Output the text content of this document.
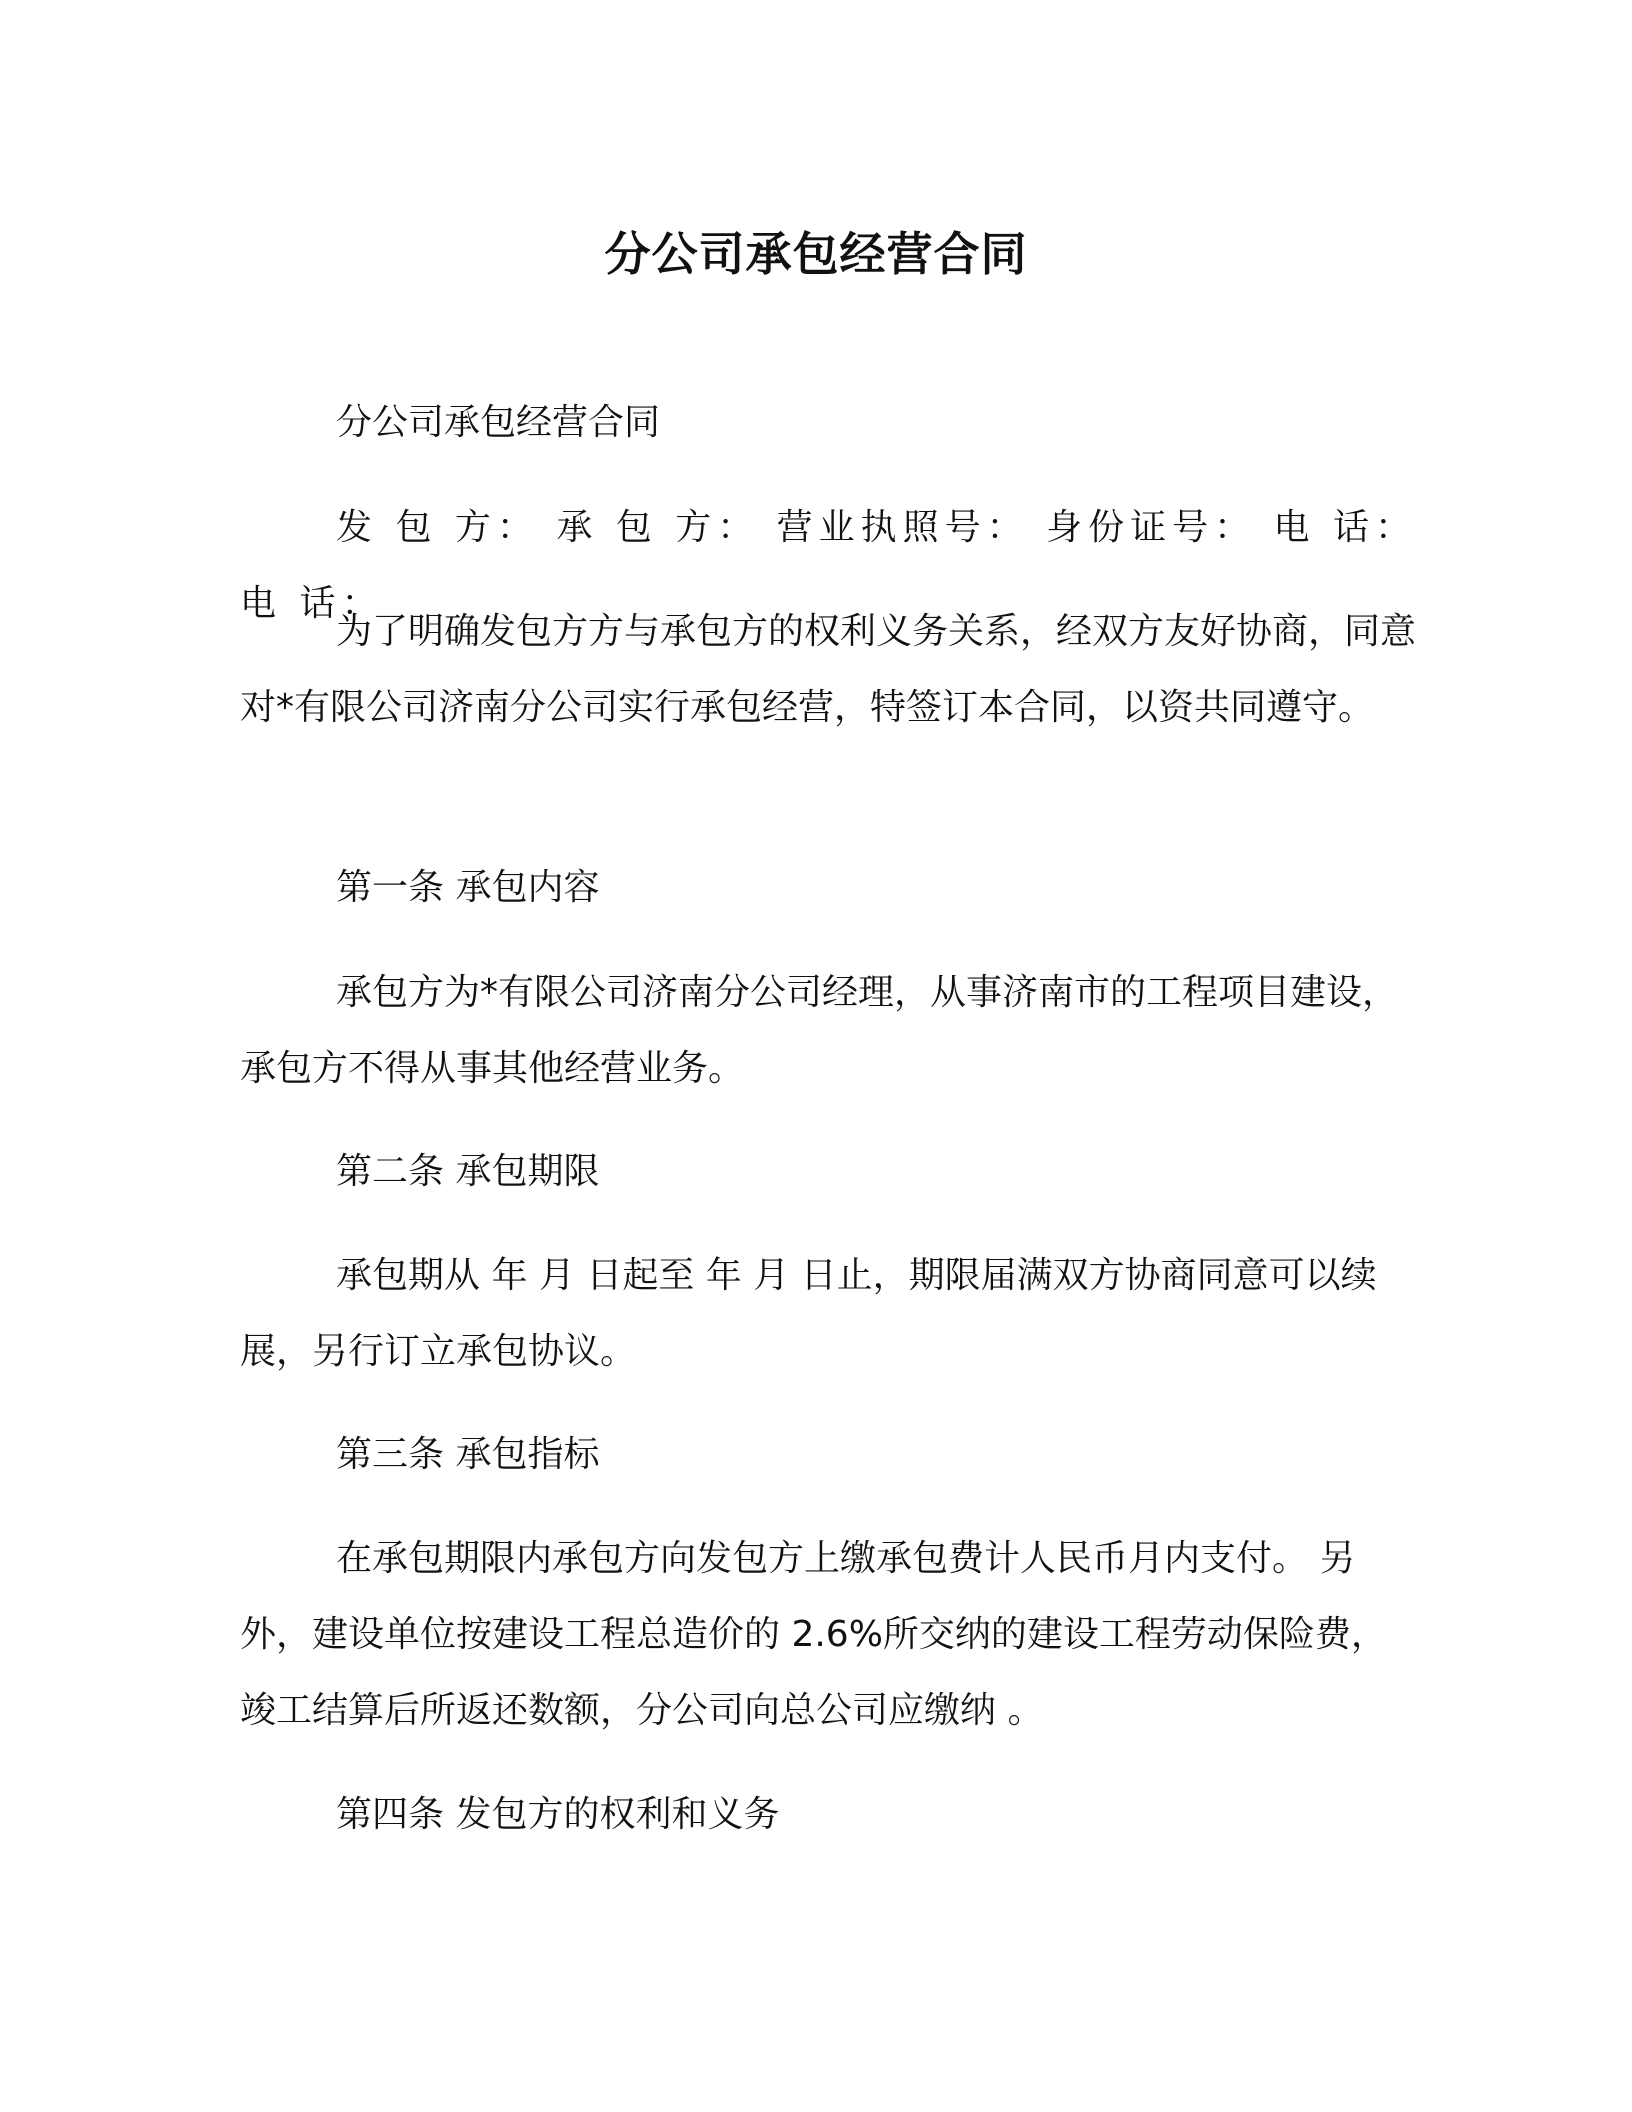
分公司承包经营合同

分公司承包经营合同

发 包 方： 承 包 方： 营业执照号： 身份证号： 电 话： 电 话：

为了明确发包方方与承包方的权利义务关系，经双方友好协商，同意对*有限公司济南分公司实行承包经营，特签订本合同，以资共同遵守。

第一条 承包内容

承包方为*有限公司济南分公司经理，从事济南市的工程项目建设，承包方不得从事其他经营业务。

第二条 承包期限

承包期从 年 月 日起至 年 月 日止，期限届满双方协商同意可以续展，另行订立承包协议。

第三条 承包指标

在承包期限内承包方向发包方上缴承包费计人民币月内支付。 另外，建设单位按建设工程总造价的 2.6%所交纳的建设工程劳动保险费，竣工结算后所返还数额，分公司向总公司应缴纳 。

第四条 发包方的权利和义务
